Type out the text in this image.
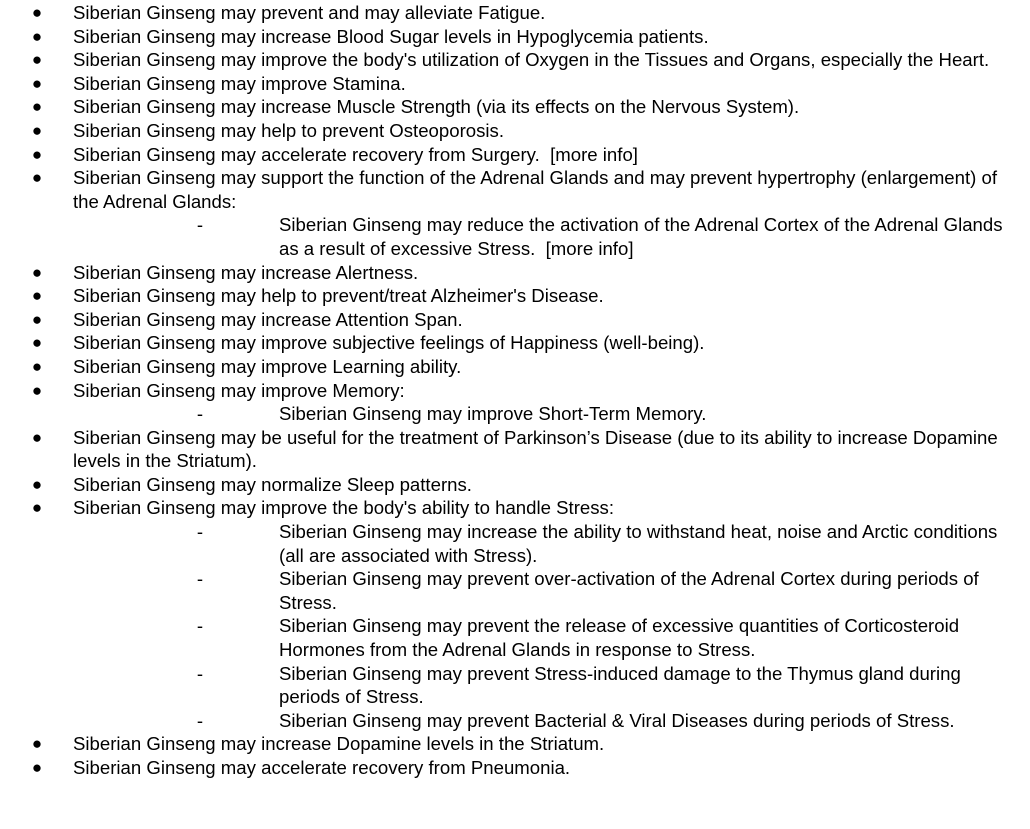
● Siberian Ginseng may prevent and may alleviate Fatigue.
● Siberian Ginseng may increase Blood Sugar levels in Hypoglycemia patients.
● Siberian Ginseng may improve the body's utilization of Oxygen in the Tissues and Organs, especially the Heart.
● Siberian Ginseng may improve Stamina.
● Siberian Ginseng may increase Muscle Strength (via its effects on the Nervous System).
● Siberian Ginseng may help to prevent Osteoporosis.
● Siberian Ginseng may accelerate recovery from Surgery. [more info]
● Siberian Ginseng may support the function of the Adrenal Glands and may prevent hypertrophy (enlargement) of the Adrenal Glands:
-	Siberian Ginseng may reduce the activation of the Adrenal Cortex of the Adrenal Glands as a result of excessive Stress. [more info]
● Siberian Ginseng may increase Alertness.
● Siberian Ginseng may help to prevent/treat Alzheimer's Disease.
● Siberian Ginseng may increase Attention Span.
● Siberian Ginseng may improve subjective feelings of Happiness (well-being).
● Siberian Ginseng may improve Learning ability.
● Siberian Ginseng may improve Memory:
-	Siberian Ginseng may improve Short-Term Memory.
● Siberian Ginseng may be useful for the treatment of Parkinson’s Disease (due to its ability to increase Dopamine levels in the Striatum).
● Siberian Ginseng may normalize Sleep patterns.
● Siberian Ginseng may improve the body's ability to handle Stress:
-	Siberian Ginseng may increase the ability to withstand heat, noise and Arctic conditions (all are associated with Stress).
-	Siberian Ginseng may prevent over-activation of the Adrenal Cortex during periods of Stress.
-	Siberian Ginseng may prevent the release of excessive quantities of Corticosteroid Hormones from the Adrenal Glands in response to Stress.
-	Siberian Ginseng may prevent Stress-induced damage to the Thymus gland during periods of Stress.
-	Siberian Ginseng may prevent Bacterial & Viral Diseases during periods of Stress.
● Siberian Ginseng may increase Dopamine levels in the Striatum.
● Siberian Ginseng may accelerate recovery from Pneumonia.
